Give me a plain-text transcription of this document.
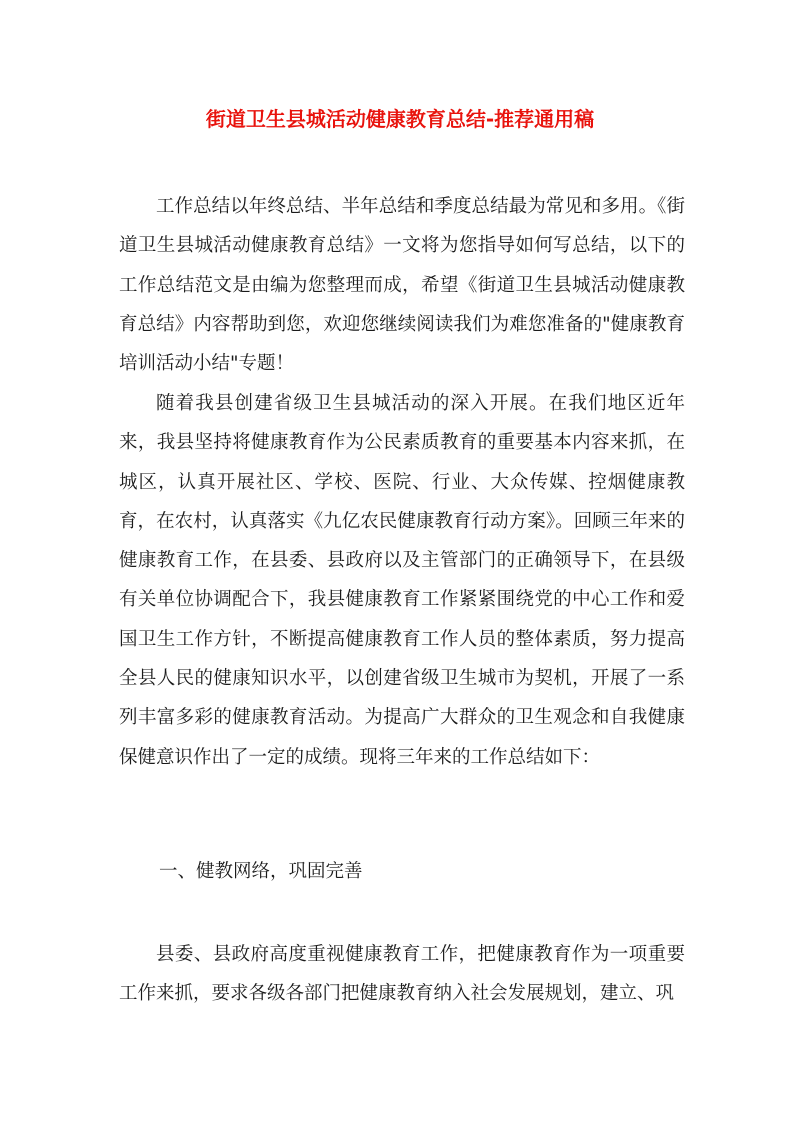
街道卫生县城活动健康教育总结-推荐通用稿

工作总结以年终总结、半年总结和季度总结最为常见和多用。《街道卫生县城活动健康教育总结》一文将为您指导如何写总结，以下的工作总结范文是由编为您整理而成，希望《街道卫生县城活动健康教育总结》内容帮助到您，欢迎您继续阅读我们为难您准备的"健康教育培训活动小结"专题！

随着我县创建省级卫生县城活动的深入开展。在我们地区近年来，我县坚持将健康教育作为公民素质教育的重要基本内容来抓，在城区，认真开展社区、学校、医院、行业、大众传媒、控烟健康教育，在农村，认真落实《九亿农民健康教育行动方案》。回顾三年来的健康教育工作，在县委、县政府以及主管部门的正确领导下，在县级有关单位协调配合下，我县健康教育工作紧紧围绕党的中心工作和爱国卫生工作方针，不断提高健康教育工作人员的整体素质，努力提高全县人民的健康知识水平，以创建省级卫生城市为契机，开展了一系列丰富多彩的健康教育活动。为提高广大群众的卫生观念和自我健康保健意识作出了一定的成绩。现将三年来的工作总结如下：

一、健教网络，巩固完善

县委、县政府高度重视健康教育工作，把健康教育作为一项重要工作来抓，要求各级各部门把健康教育纳入社会发展规划，建立、巩
